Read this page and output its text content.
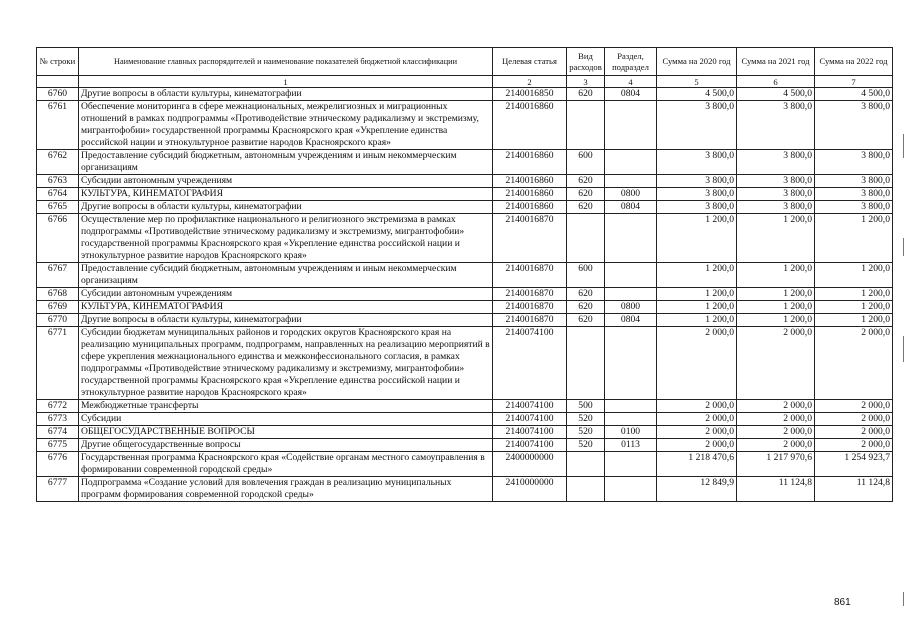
№ строки	Наименование главных распорядителей и наименование показателей бюджетной классификации	Целевая статья	Вид расходов	Раздел, подраздел	Сумма на 2020 год	Сумма на 2021 год	Сумма на 2022 год
	1	2	3	4	5	6	7
6760	Другие вопросы в области культуры, кинематографии	2140016850	620	0804	4 500,0	4 500,0	4 500,0
6761	Обеспечение мониторинга в сфере межнациональных, межрелигиозных и миграционных отношений в рамках подпрограммы «Противодействие этническому радикализму и экстремизму, мигрантофобии» государственной программы Красноярского края «Укрепление единства российской нации и этнокультурное развитие народов Красноярского края»	2140016860			3 800,0	3 800,0	3 800,0
6762	Предоставление субсидий бюджетным, автономным учреждениям и иным некоммерческим организациям	2140016860	600		3 800,0	3 800,0	3 800,0
6763	Субсидии автономным учреждениям	2140016860	620		3 800,0	3 800,0	3 800,0
6764	КУЛЬТУРА, КИНЕМАТОГРАФИЯ	2140016860	620	0800	3 800,0	3 800,0	3 800,0
6765	Другие вопросы в области культуры, кинематографии	2140016860	620	0804	3 800,0	3 800,0	3 800,0
6766	Осуществление мер по профилактике национального и религиозного экстремизма в рамках подпрограммы «Противодействие этническому радикализму и экстремизму, мигрантофобии» государственной программы Красноярского края «Укрепление единства российской нации и этнокультурное развитие народов Красноярского края»	2140016870			1 200,0	1 200,0	1 200,0
6767	Предоставление субсидий бюджетным, автономным учреждениям и иным некоммерческим организациям	2140016870	600		1 200,0	1 200,0	1 200,0
6768	Субсидии автономным учреждениям	2140016870	620		1 200,0	1 200,0	1 200,0
6769	КУЛЬТУРА, КИНЕМАТОГРАФИЯ	2140016870	620	0800	1 200,0	1 200,0	1 200,0
6770	Другие вопросы в области культуры, кинематографии	2140016870	620	0804	1 200,0	1 200,0	1 200,0
6771	Субсидии бюджетам муниципальных районов и городских округов Красноярского края на реализацию муниципальных программ, подпрограмм, направленных на реализацию мероприятий в сфере укрепления межнационального единства и межконфессионального согласия, в рамках подпрограммы «Противодействие этническому радикализму и экстремизму, мигрантофобии» государственной программы Красноярского края «Укрепление единства российской нации и этнокультурное развитие народов Красноярского края»	2140074100			2 000,0	2 000,0	2 000,0
6772	Межбюджетные трансферты	2140074100	500		2 000,0	2 000,0	2 000,0
6773	Субсидии	2140074100	520		2 000,0	2 000,0	2 000,0
6774	ОБЩЕГОСУДАРСТВЕННЫЕ ВОПРОСЫ	2140074100	520	0100	2 000,0	2 000,0	2 000,0
6775	Другие общегосударственные вопросы	2140074100	520	0113	2 000,0	2 000,0	2 000,0
6776	Государственная программа Красноярского края «Содействие органам местного самоуправления в формировании современной городской среды»	2400000000			1 218 470,6	1 217 970,6	1 254 923,7
6777	Подпрограмма «Создание условий для вовлечения граждан в реализацию муниципальных программ формирования современной городской среды»	2410000000			12 849,9	11 124,8	11 124,8
861
